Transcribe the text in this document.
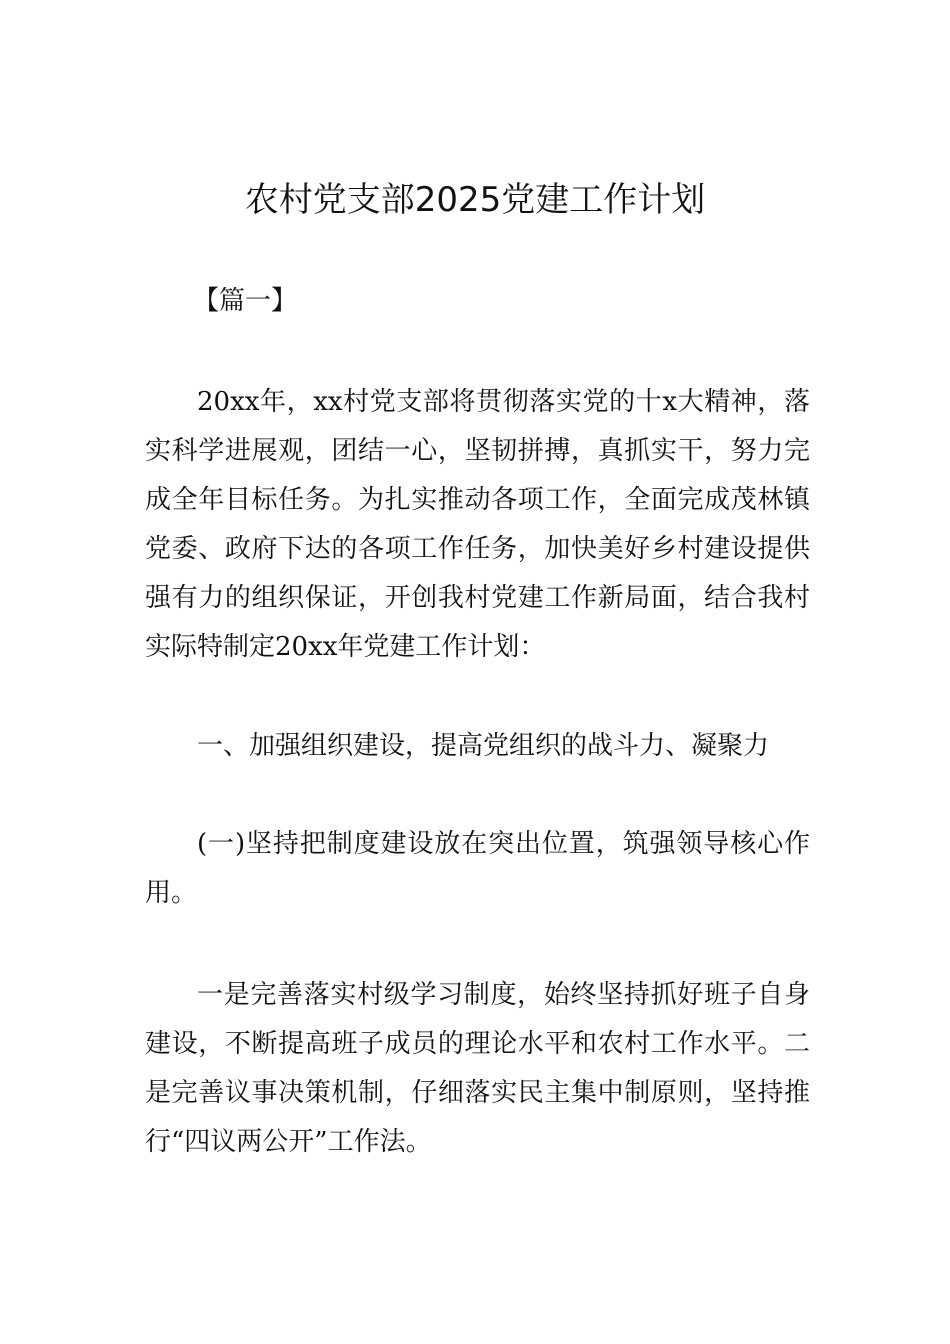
农村党支部2025党建工作计划

【篇一】

20xx年，xx村党支部将贯彻落实党的十x大精神，落实科学进展观，团结一心，坚韧拼搏，真抓实干，努力完成全年目标任务。为扎实推动各项工作，全面完成茂林镇党委、政府下达的各项工作任务，加快美好乡村建设提供强有力的组织保证，开创我村党建工作新局面，结合我村实际特制定20xx年党建工作计划：

一、加强组织建设，提高党组织的战斗力、凝聚力

(一)坚持把制度建设放在突出位置，筑强领导核心作用。

一是完善落实村级学习制度，始终坚持抓好班子自身建设，不断提高班子成员的理论水平和农村工作水平。二是完善议事决策机制，仔细落实民主集中制原则，坚持推行“四议两公开”工作法。
